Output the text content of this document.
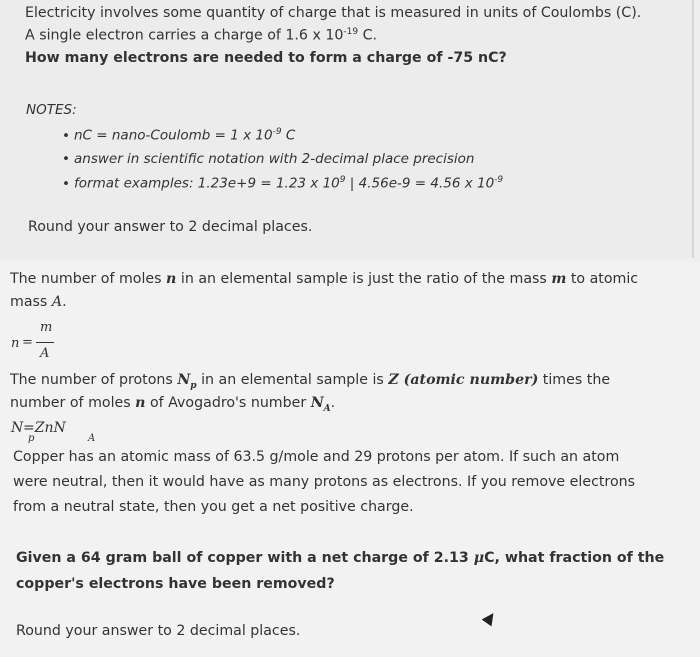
Electricity involves some quantity of charge that is measured in units of Coulombs (C).
A single electron carries a charge of 1.6 x $10^{-19}$ C.
How many electrons are needed to form a charge of -75 nC?
NOTES:
• nC = nano-Coulomb = 1 x $10^{-9}$ C
• answer in scientific notation with 2-decimal place precision
• format examples: 1.23e+9 = 1.23 x $10^9$ | 4.56e-9 = 4.56 x $10^{-9}$
Round your answer to 2 decimal places.
The number of moles n in an elemental sample is just the ratio of the mass m to atomic
mass A.
n =
m
A
The number of protons $N_p$ in an elemental sample is Z (atomic number) times the
number of moles n of Avogadro's number $N_A$.
N =ZnN
p	A
Copper has an atomic mass of 63.5 g/mole and 29 protons per atom. If such an atom
were neutral, then it would have as many protons as electrons. If you remove electrons
from a neutral state, then you get a net positive charge.
Given a 64 gram ball of copper with a net charge of 2.13 μC, what fraction of the
copper's electrons have been removed?
Round your answer to 2 decimal places.
